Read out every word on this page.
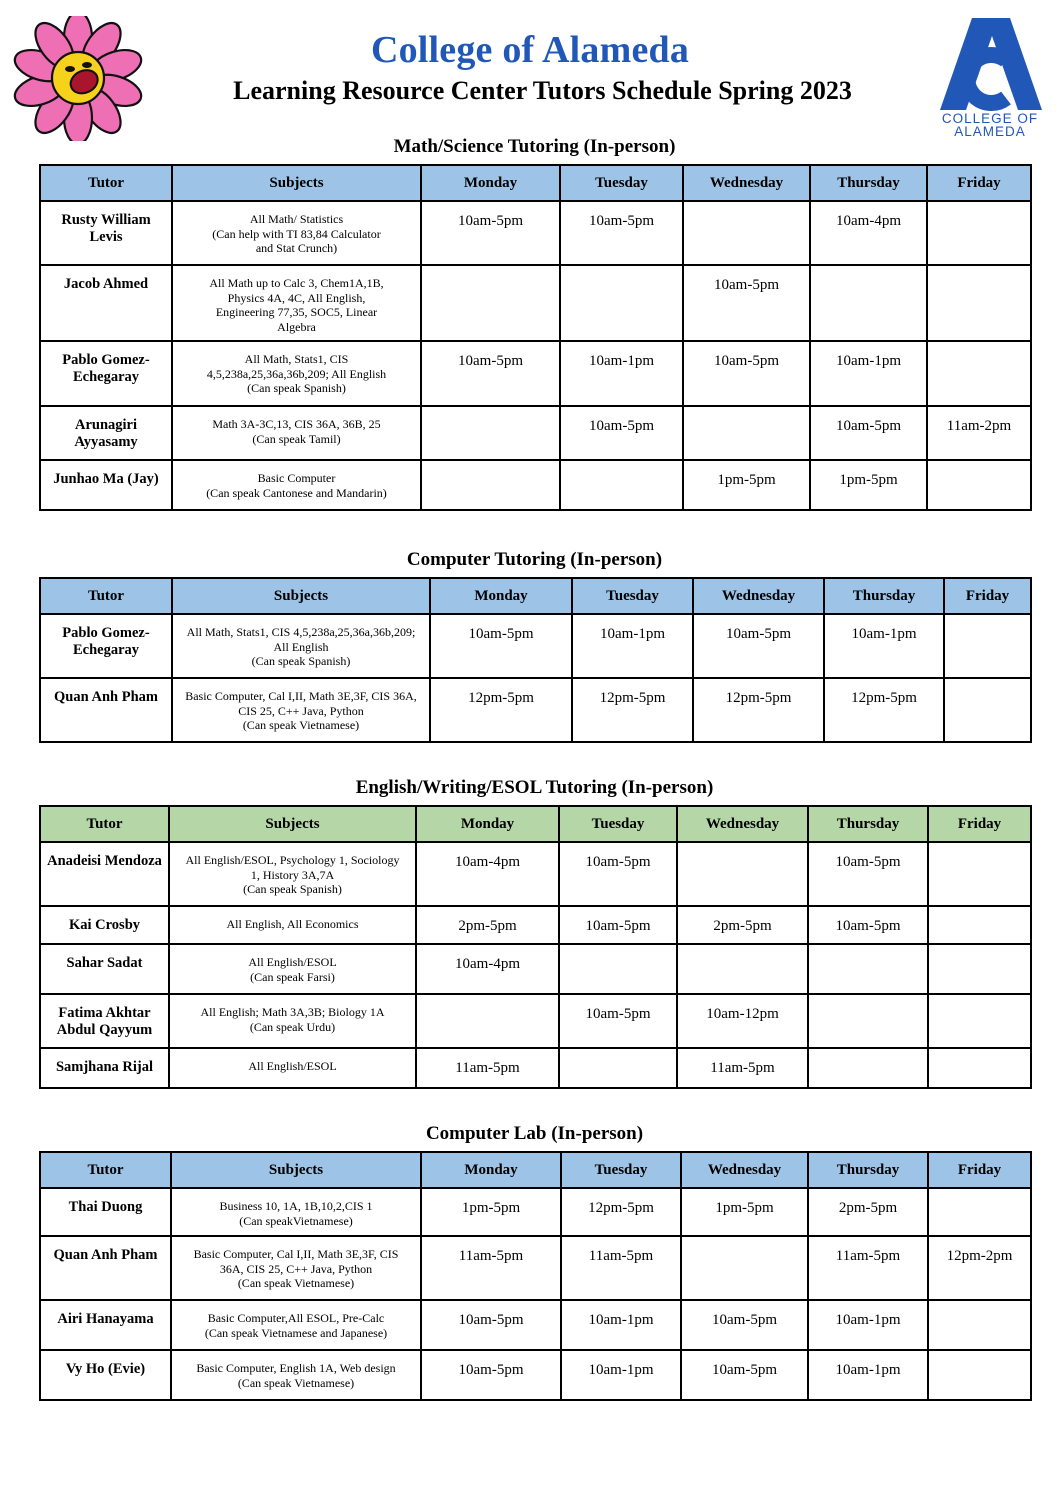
College of Alameda
Learning Resource Center Tutors Schedule Spring 2023
COLLEGE OF
ALAMEDA
Math/Science Tutoring (In-person)
Tutor	Subjects	Monday	Tuesday	Wednesday	Thursday	Friday
Rusty William Levis	All Math/ Statistics
(Can help with TI 83,84 Calculator
and Stat Crunch)	10am-5pm	10am-5pm		10am-4pm	
Jacob Ahmed	All Math up to Calc 3, Chem1A,1B,
Physics 4A, 4C, All English,
Engineering 77,35, SOC5, Linear
Algebra			10am-5pm		
Pablo Gomez-Echegaray	All Math, Stats1, CIS
4,5,238a,25,36a,36b,209; All English
(Can speak Spanish)	10am-5pm	10am-1pm	10am-5pm	10am-1pm	
Arunagiri Ayyasamy	Math 3A-3C,13, CIS 36A, 36B, 25
(Can speak Tamil)		10am-5pm		10am-5pm	11am-2pm
Junhao Ma (Jay)	Basic Computer
(Can speak Cantonese and Mandarin)			1pm-5pm	1pm-5pm	
Computer Tutoring (In-person)
Tutor	Subjects	Monday	Tuesday	Wednesday	Thursday	Friday
Pablo Gomez-Echegaray	All Math, Stats1, CIS 4,5,238a,25,36a,36b,209;
All English
(Can speak Spanish)	10am-5pm	10am-1pm	10am-5pm	10am-1pm	
Quan Anh Pham	Basic Computer, Cal I,II, Math 3E,3F, CIS 36A,
CIS 25, C++ Java, Python
(Can speak Vietnamese)	12pm-5pm	12pm-5pm	12pm-5pm	12pm-5pm	
English/Writing/ESOL Tutoring (In-person)
Tutor	Subjects	Monday	Tuesday	Wednesday	Thursday	Friday
Anadeisi Mendoza	All English/ESOL, Psychology 1, Sociology
1, History 3A,7A
(Can speak Spanish)	10am-4pm	10am-5pm		10am-5pm	
Kai Crosby	All English, All Economics	2pm-5pm	10am-5pm	2pm-5pm	10am-5pm	
Sahar Sadat	All English/ESOL
(Can speak Farsi)	10am-4pm				
Fatima Akhtar Abdul Qayyum	All English; Math 3A,3B; Biology 1A
(Can speak Urdu)		10am-5pm	10am-12pm		
Samjhana Rijal	All English/ESOL	11am-5pm		11am-5pm		
Computer Lab (In-person)
Tutor	Subjects	Monday	Tuesday	Wednesday	Thursday	Friday
Thai Duong	Business 10, 1A, 1B,10,2,CIS 1
(Can speakVietnamese)	1pm-5pm	12pm-5pm	1pm-5pm	2pm-5pm	
Quan Anh Pham	Basic Computer, Cal I,II, Math 3E,3F, CIS
36A, CIS 25, C++ Java, Python
(Can speak Vietnamese)	11am-5pm	11am-5pm		11am-5pm	12pm-2pm
Airi Hanayama	Basic Computer,All ESOL, Pre-Calc
(Can speak Vietnamese and Japanese)	10am-5pm	10am-1pm	10am-5pm	10am-1pm	
Vy Ho (Evie)	Basic Computer, English 1A, Web design
(Can speak Vietnamese)	10am-5pm	10am-1pm	10am-5pm	10am-1pm	
